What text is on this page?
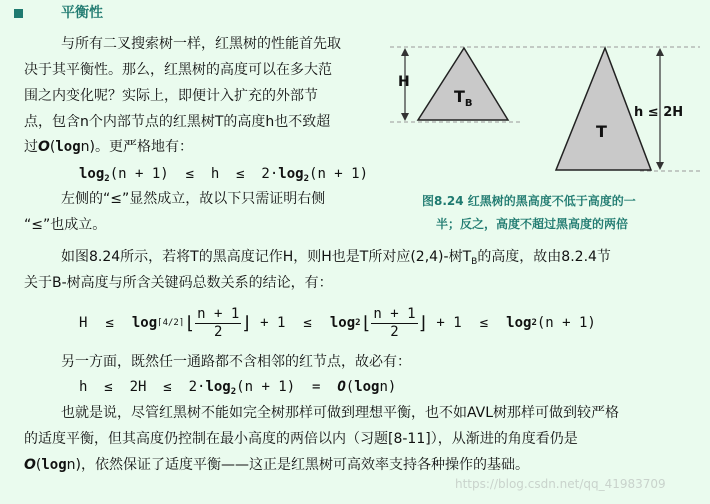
平衡性
与所有二叉搜索树一样，红黑树的性能首先取
决于其平衡性。那么，红黑树的高度可以在多大范
围之内变化呢？实际上，即便计入扩充的外部节
点，包含n个内部节点的红黑树T的高度h也不致超
过O(logn)。更严格地有：
$\log_2(n + 1) \le h \le 2\cdot\log_2(n + 1)$
左侧的“≤”显然成立，故以下只需证明右侧
“≤”也成立。
H
$T_B$
T
h ≤ 2H
图8.24 红黑树的黑高度不低于高度的一
半；反之，高度不超过黑高度的两倍
如图8.24所示，若将T的黑高度记作H，则H也是T所对应(2,4)-树$T_B$的高度，故由8.2.4节
关于B-树高度与所含关键码总数关系的结论，有：
H ≤ log ⌈4/2⌉ ⌊ $\frac{n + 1}{2}$ ⌋ + 1 ≤ log 2 ⌊ $\frac{n + 1}{2}$ ⌋ + 1 ≤ log 2 (n + 1)
另一方面，既然任一通路都不含相邻的红节点，故必有：
$h \le 2H \le 2\cdot\log_2(n + 1) = O(\log n)$
也就是说，尽管红黑树不能如完全树那样可做到理想平衡，也不如AVL树那样可做到较严格
的适度平衡，但其高度仍控制在最小高度的两倍以内（习题[8-11]），从渐进的角度看仍是
O(logn)，依然保证了适度平衡——这正是红黑树可高效率支持各种操作的基础。
https://blog.csdn.net/qq_41983709
